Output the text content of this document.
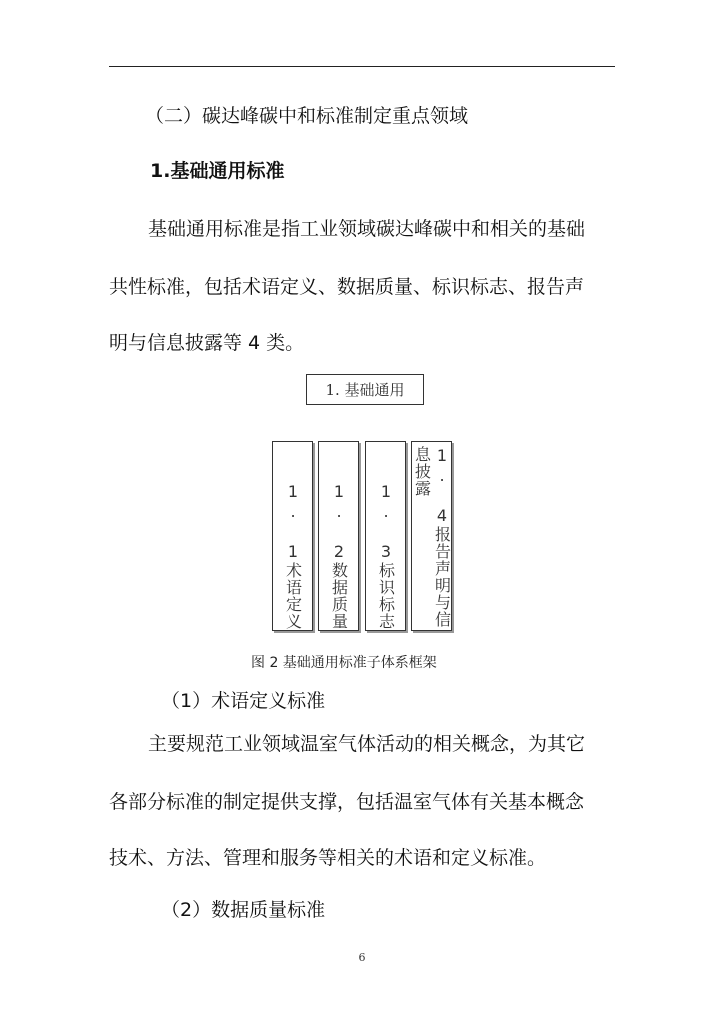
（二）碳达峰碳中和标准制定重点领域
1.基础通用标准
基础通用标准是指工业领域碳达峰碳中和相关的基础
共性标准，包括术语定义、数据质量、标识标志、报告声
明与信息披露等 4 类。
1. 基础通用
1. 1术语定义 1. 2数据质量 1. 3标识标志	1. 4报告声明与信息披露
图 2 基础通用标准子体系框架
（1）术语定义标准
主要规范工业领域温室气体活动的相关概念，为其它
各部分标准的制定提供支撑，包括温室气体有关基本概念
技术、方法、管理和服务等相关的术语和定义标准。
（2）数据质量标准
6
